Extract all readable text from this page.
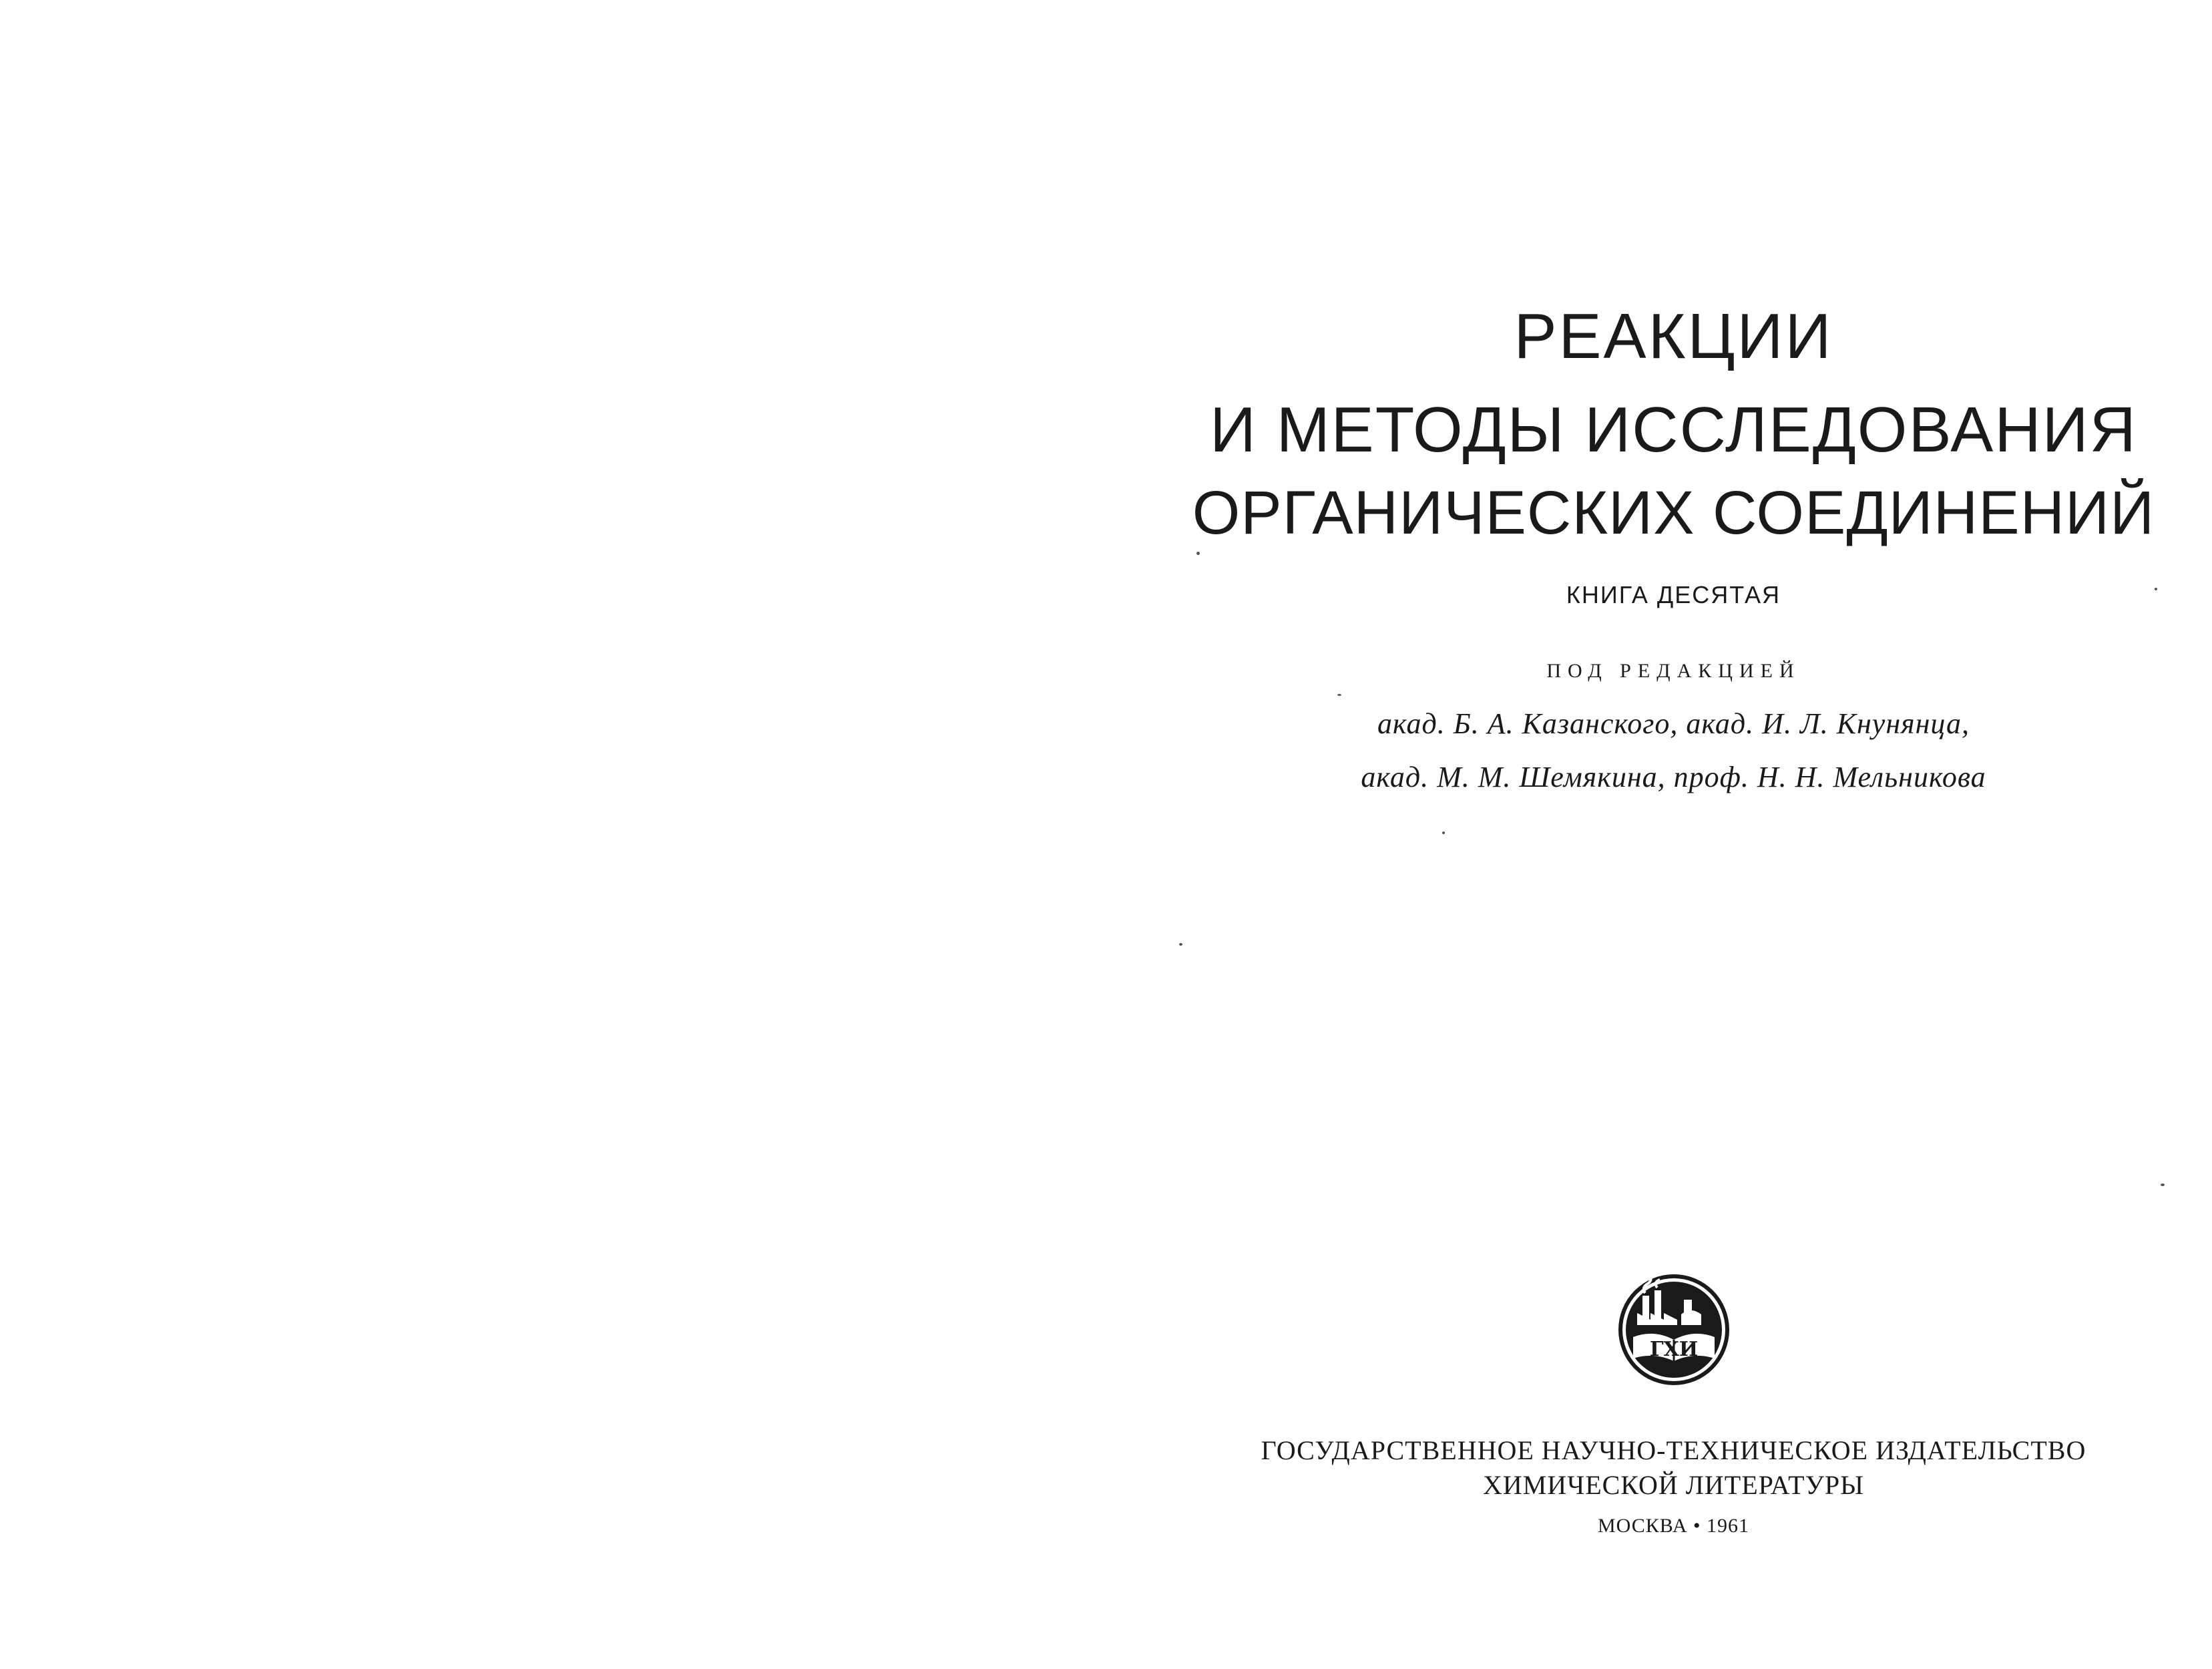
РЕАКЦИИ
И МЕТОДЫ ИССЛЕДОВАНИЯ
ОРГАНИЧЕСКИХ СОЕДИНЕНИЙ
КНИГА ДЕСЯТАЯ
ПОД РЕДАКЦИЕЙ
акад. Б. А. Казанского, акад. И. Л. Кнунянца,
акад. М. М. Шемякина, проф. Н. Н. Мельникова
ГХИ
ГОСУДАРСТВЕННОЕ НАУЧНО-ТЕХНИЧЕСКОЕ ИЗДАТЕЛЬСТВО
ХИМИЧЕСКОЙ ЛИТЕРАТУРЫ
МОСКВА • 1961
